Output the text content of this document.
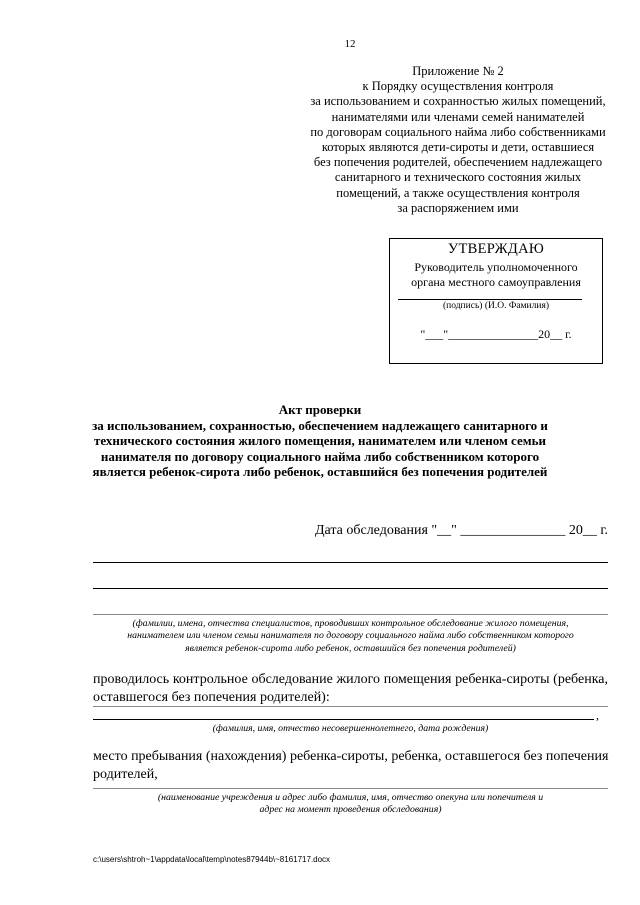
12
Приложение № 2
к Порядку осуществления контроля
за использованием и сохранностью жилых помещений,
нанимателями или членами семей нанимателей
по договорам социального найма либо собственниками
которых являются дети-сироты и дети, оставшиеся
без попечения родителей, обеспечением надлежащего
санитарного и технического состояния жилых
помещений, а также осуществления контроля
за распоряжением ими
УТВЕРЖДАЮ
Руководитель уполномоченного
органа местного самоуправления
(подпись) (И.О. Фамилия)
"___"_______________20__ г.
Акт проверки
за использованием, сохранностью, обеспечением надлежащего санитарного и
технического состояния жилого помещения, нанимателем или членом семьи
нанимателя по договору социального найма либо собственником которого
является ребенок-сирота либо ребенок, оставшийся без попечения родителей
Дата обследования "__" _______________ 20__ г.
(фамилии, имена, отчества специалистов, проводивших контрольное обследование жилого помещения,
нанимателем или членом семьи нанимателя по договору социального найма либо собственником которого
является ребенок-сирота либо ребенок, оставшийся без попечения родителей)
проводилось контрольное обследование жилого помещения ребенка-сироты (ребенка,
оставшегося без попечения родителей):
,
(фамилия, имя, отчество несовершеннолетнего, дата рождения)
место пребывания (нахождения) ребенка-сироты, ребенка, оставшегося без попечения
родителей,
(наименование учреждения и адрес либо фамилия, имя, отчество опекуна или попечителя и
адрес на момент проведения обследования)
c:\users\shtroh~1\appdata\local\temp\notes87944b\~8161717.docx
